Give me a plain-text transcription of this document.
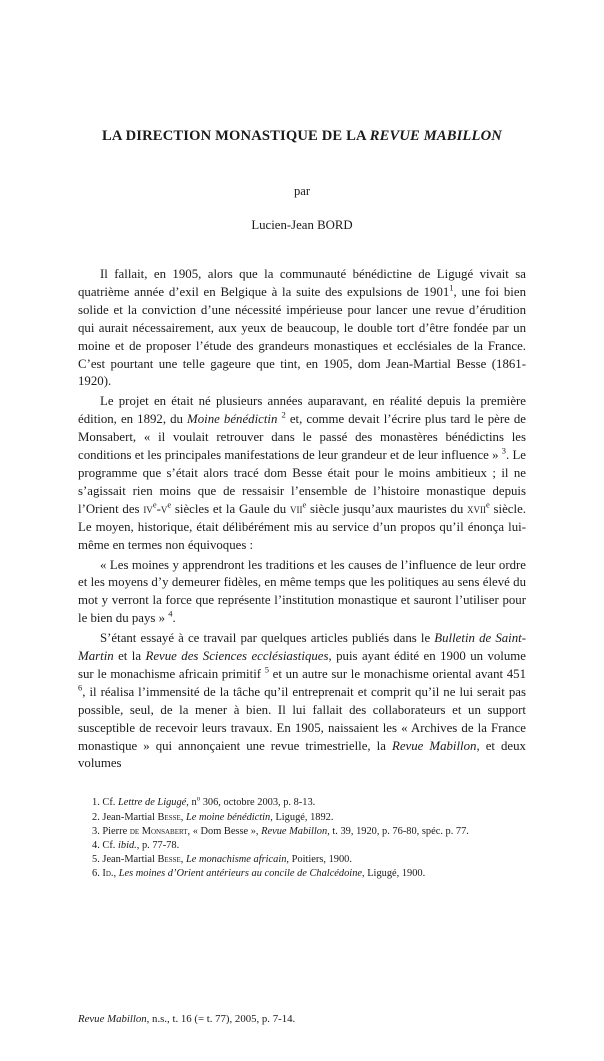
LA DIRECTION MONASTIQUE DE LA REVUE MABILLON
par
Lucien-Jean BORD

Il fallait, en 1905, alors que la communauté bénédictine de Ligugé vivait sa quatrième année d’exil en Belgique à la suite des expulsions de 1901$^1$, une foi bien solide et la conviction d’une nécessité impérieuse pour lancer une revue d’érudition qui aurait nécessairement, aux yeux de beaucoup, le double tort d’être fondée par un moine et de proposer l’étude des grandeurs monastiques et ecclésiales de la France. C’est pourtant une telle gageure que tint, en 1905, dom Jean-Martial Besse (1861-1920).

Le projet en était né plusieurs années auparavant, en réalité depuis la première édition, en 1892, du Moine bénédictin $^2$ et, comme devait l’écrire plus tard le père de Monsabert, « il voulait retrouver dans le passé des monastères bénédictins les conditions et les principales manifestations de leur grandeur et de leur influence » $^3$. Le programme que s’était alors tracé dom Besse était pour le moins ambitieux ; il ne s’agissait rien moins que de ressaisir l’ensemble de l’histoire monastique depuis l’Orient des $iv^e-v^e$ siècles et la Gaule du vii$^e$ siècle jusqu’aux mauristes du xvii$^e$ siècle. Le moyen, historique, était délibérément mis au service d’un propos qu’il énonça lui-même en termes non équivoques :

« Les moines y apprendront les traditions et les causes de l’influence de leur ordre et les moyens d’y demeurer fidèles, en même temps que les politiques au sens élevé du mot y verront la force que représente l’institution monastique et sauront l’utiliser pour le bien du pays » $^4$.

S’étant essayé à ce travail par quelques articles publiés dans le Bulletin de Saint-Martin et la Revue des Sciences ecclésiastiques, puis ayant édité en 1900 un volume sur le monachisme africain primitif $^5$ et un autre sur le monachisme oriental avant 451 $^6$, il réalisa l’immensité de la tâche qu’il entreprenait et comprit qu’il ne lui serait pas possible, seul, de la mener à bien. Il lui fallait des collaborateurs et un support susceptible de recevoir leurs travaux. En 1905, naissaient les « Archives de la France monastique » qui annonçaient une revue trimestrielle, la Revue Mabillon, et deux volumes

1. Cf. Lettre de Ligugé, $n^o$ 306, octobre 2003, p. 8-13.

2. Jean-Martial Besse, Le moine bénédictin, Ligugé, 1892.

3. Pierre de Monsabert, « Dom Besse », Revue Mabillon, t. 39, 1920, p. 76-80, spéc. p. 77.

4. Cf. ibid., p. 77-78.

5. Jean-Martial Besse, Le monachisme africain, Poitiers, 1900.

6. Id., Les moines d’Orient antérieurs au concile de Chalcédoine, Ligugé, 1900.

Revue Mabillon, n.s., t. 16 (= t. 77), 2005, p. 7-14.
